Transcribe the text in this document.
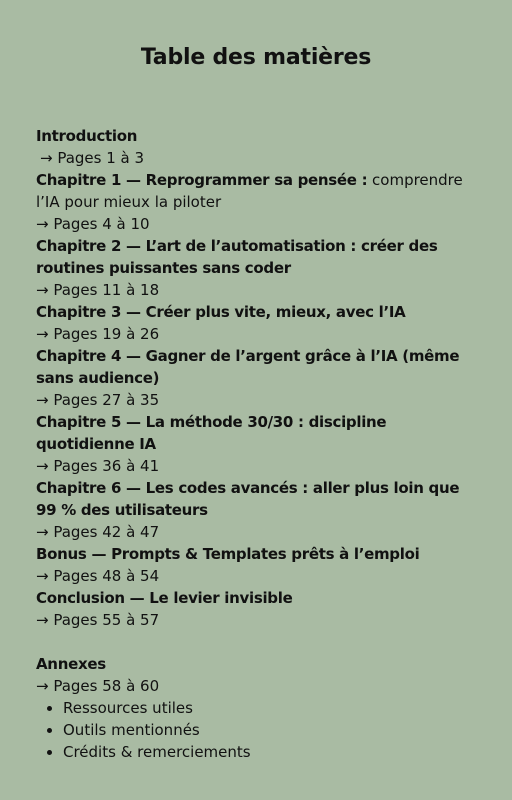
Table des matières
Introduction
→ Pages 1 à 3
Chapitre 1 — Reprogrammer sa pensée : comprendre l’IA pour mieux la piloter
→ Pages 4 à 10
Chapitre 2 — L’art de l’automatisation : créer des routines puissantes sans coder
→ Pages 11 à 18
Chapitre 3 — Créer plus vite, mieux, avec l’IA
→ Pages 19 à 26
Chapitre 4 — Gagner de l’argent grâce à l’IA (même sans audience)
→ Pages 27 à 35
Chapitre 5 — La méthode 30/30 : discipline quotidienne IA
→ Pages 36 à 41
Chapitre 6 — Les codes avancés : aller plus loin que 99 % des utilisateurs
→ Pages 42 à 47
Bonus — Prompts & Templates prêts à l’emploi
→ Pages 48 à 54
Conclusion — Le levier invisible
→ Pages 55 à 57
Annexes
→ Pages 58 à 60
• Ressources utiles
• Outils mentionnés
• Crédits & remerciements
